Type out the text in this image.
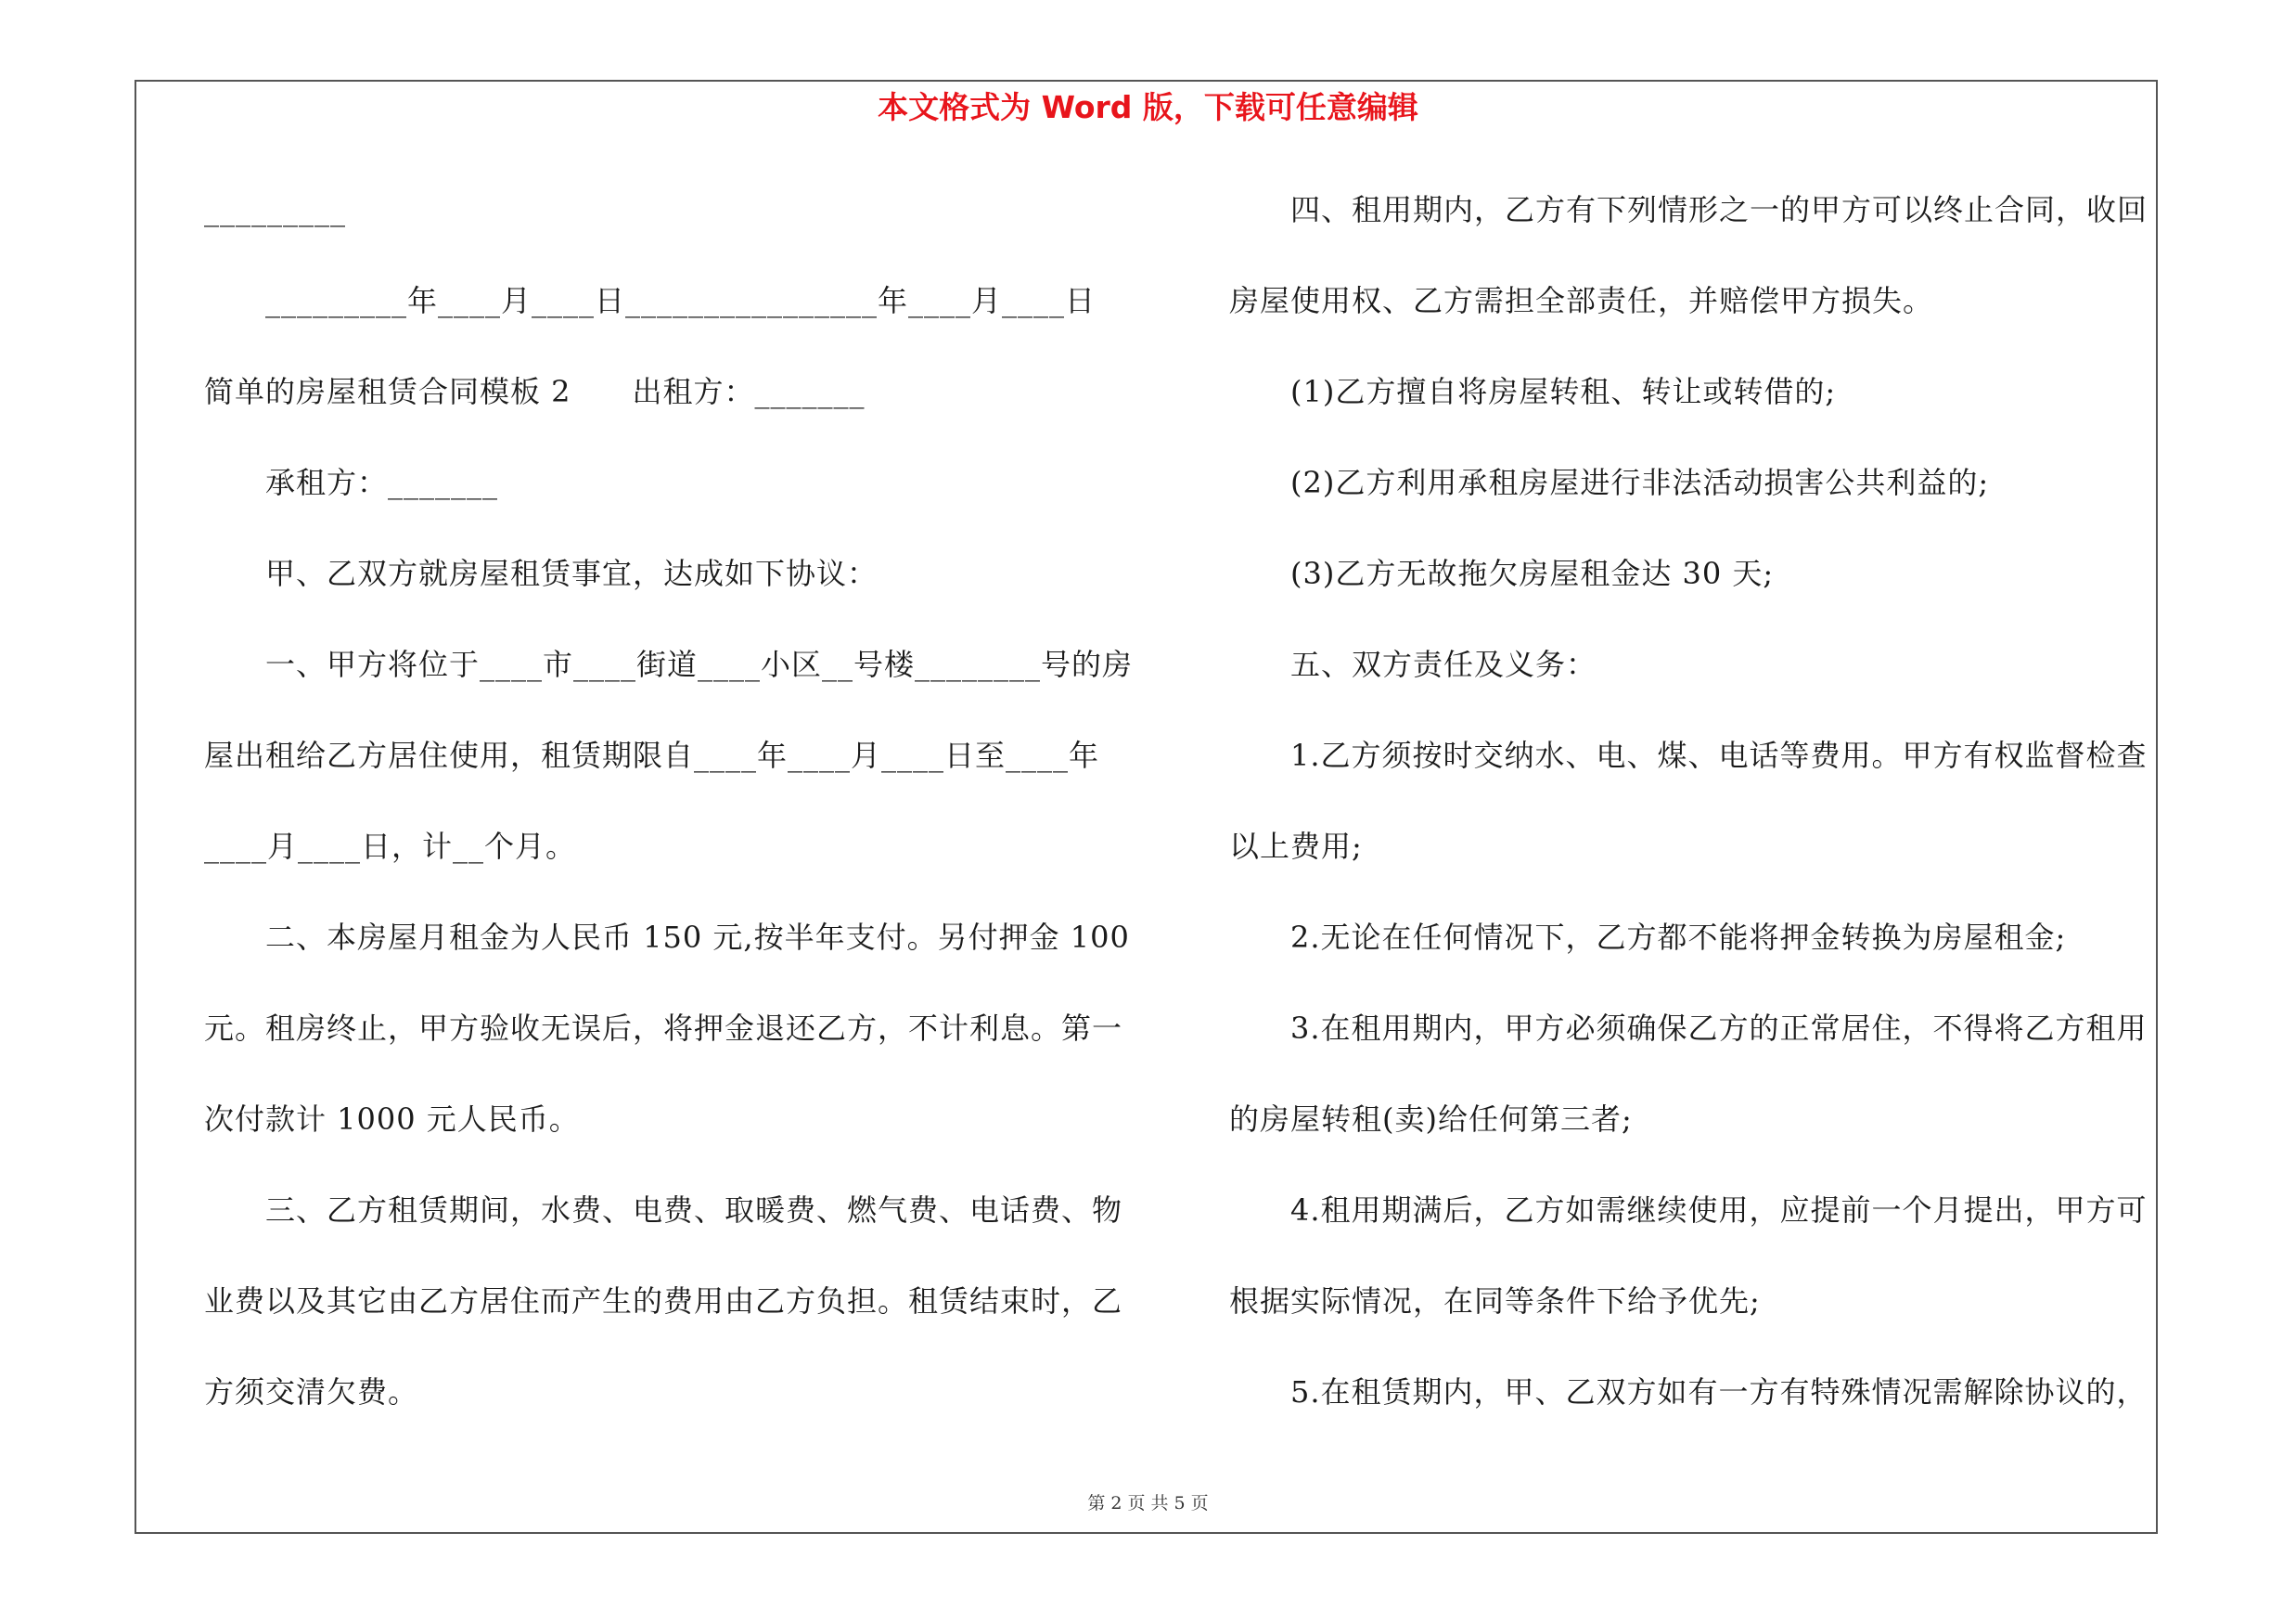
本文格式为 Word 版，下载可任意编辑
_________
_________年____月____日________________年____月____日
简单的房屋租赁合同模板 2　　出租方：_______
承租方：_______
甲、乙双方就房屋租赁事宜，达成如下协议：
一、甲方将位于____市____街道____小区__号楼________号的房
屋出租给乙方居住使用，租赁期限自____年____月____日至____年
____月____日，计__个月。
二、本房屋月租金为人民币 150 元,按半年支付。另付押金 100
元。租房终止，甲方验收无误后，将押金退还乙方，不计利息。第一
次付款计 1000 元人民币。
三、乙方租赁期间，水费、电费、取暖费、燃气费、电话费、物
业费以及其它由乙方居住而产生的费用由乙方负担。租赁结束时，乙
方须交清欠费。
四、租用期内，乙方有下列情形之一的甲方可以终止合同，收回
房屋使用权、乙方需担全部责任，并赔偿甲方损失。
(1)乙方擅自将房屋转租、转让或转借的;
(2)乙方利用承租房屋进行非法活动损害公共利益的;
(3)乙方无故拖欠房屋租金达 30 天;
五、双方责任及义务：
1.乙方须按时交纳水、电、煤、电话等费用。甲方有权监督检查
以上费用;
2.无论在任何情况下，乙方都不能将押金转换为房屋租金;
3.在租用期内，甲方必须确保乙方的正常居住，不得将乙方租用
的房屋转租(卖)给任何第三者;
4.租用期满后，乙方如需继续使用，应提前一个月提出，甲方可
根据实际情况，在同等条件下给予优先;
5.在租赁期内，甲、乙双方如有一方有特殊情况需解除协议的，
第 2 页 共 5 页
